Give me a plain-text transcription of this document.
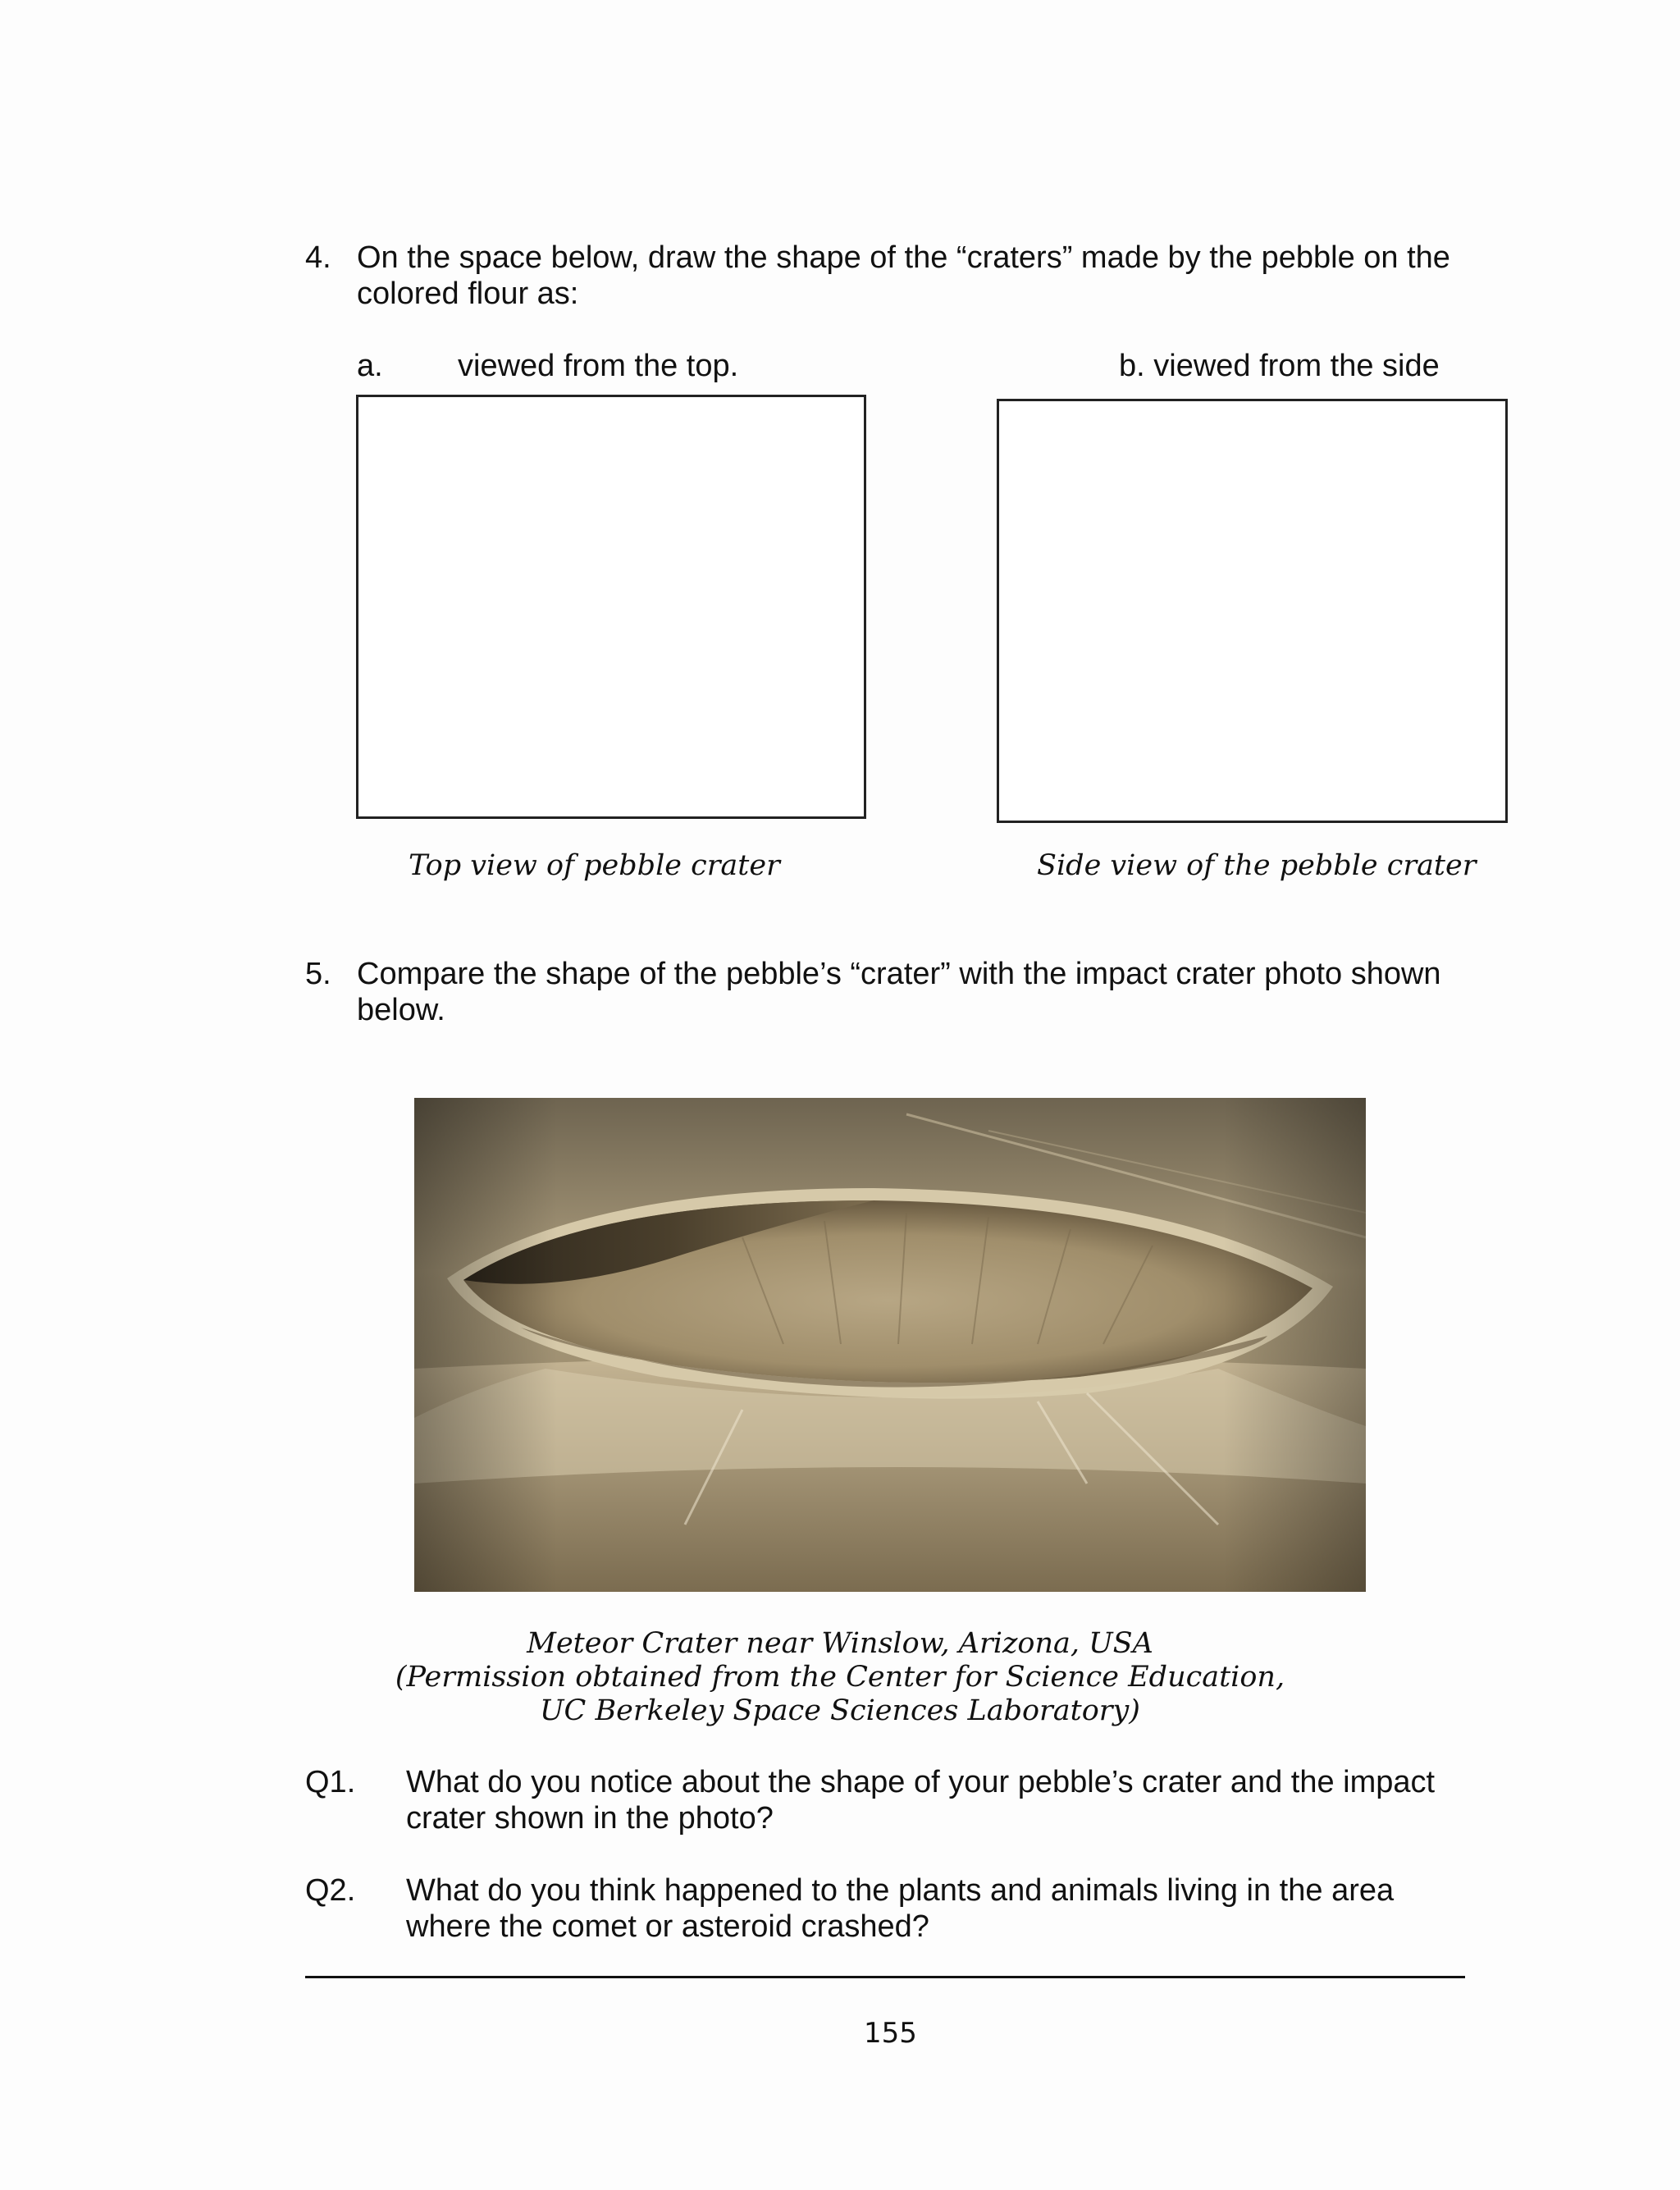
4. On the space below, draw the shape of the “craters” made by the pebble on the
colored flour as:
a. viewed from the top.	b. viewed from the side
Top view of pebble crater	Side view of the pebble crater
5. Compare the shape of the pebble’s “crater” with the impact crater photo shown
below.
Meteor Crater near Winslow, Arizona, USA
(Permission obtained from the Center for Science Education,
UC Berkeley Space Sciences Laboratory)
Q1. What do you notice about the shape of your pebble’s crater and the impact
crater shown in the photo?
Q2. What do you think happened to the plants and animals living in the area
where the comet or asteroid crashed?
155
